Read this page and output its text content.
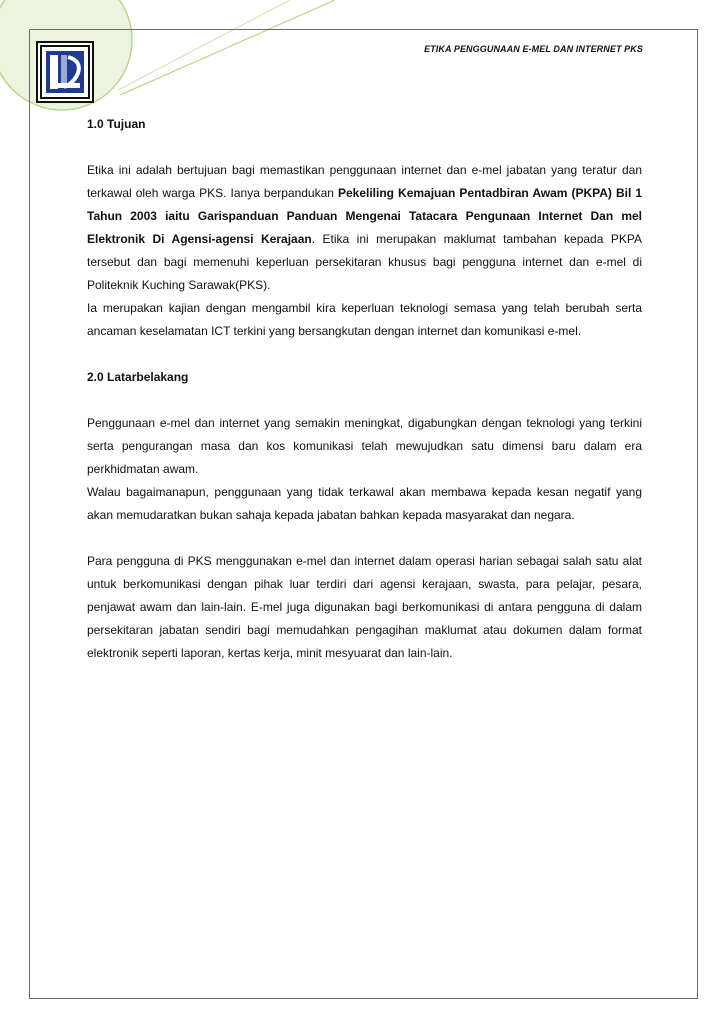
ETIKA PENGGUNAAN E-MEL DAN INTERNET PKS

1.0 Tujuan

Etika ini adalah bertujuan bagi memastikan penggunaan internet dan e-mel jabatan yang teratur dan terkawal oleh warga PKS. Ianya berpandukan Pekeliling Kemajuan Pentadbiran Awam (PKPA) Bil 1 Tahun 2003 iaitu Garispanduan Panduan Mengenai Tatacara Pengunaan Internet Dan mel Elektronik Di Agensi-agensi Kerajaan. Etika ini merupakan maklumat tambahan kepada PKPA tersebut dan bagi memenuhi keperluan persekitaran khusus bagi pengguna internet dan e-mel di Politeknik Kuching Sarawak(PKS).

Ia merupakan kajian dengan mengambil kira keperluan teknologi semasa yang telah berubah serta ancaman keselamatan ICT terkini yang bersangkutan dengan internet dan komunikasi e-mel.

2.0 Latarbelakang

Penggunaan e-mel dan internet yang semakin meningkat, digabungkan dengan teknologi yang terkini serta pengurangan masa dan kos komunikasi telah mewujudkan satu dimensi baru dalam era perkhidmatan awam.

Walau bagaimanapun, penggunaan yang tidak terkawal akan membawa kepada kesan negatif yang akan memudaratkan bukan sahaja kepada jabatan bahkan kepada masyarakat dan negara.

Para pengguna di PKS menggunakan e-mel dan internet dalam operasi harian sebagai salah satu alat untuk berkomunikasi dengan pihak luar terdiri dari agensi kerajaan, swasta, para pelajar, pesara, penjawat awam dan lain-lain. E-mel juga digunakan bagi berkomunikasi di antara pengguna di dalam persekitaran jabatan sendiri bagi memudahkan pengagihan maklumat atau dokumen dalam format elektronik seperti laporan, kertas kerja, minit mesyuarat dan lain-lain.
